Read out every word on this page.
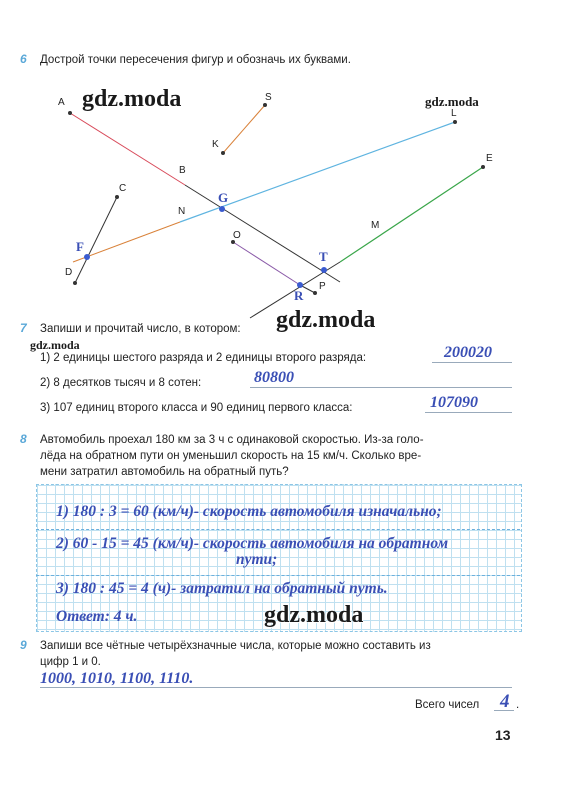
6 Дострой точки пересечения фигур и обозначь их буквами.
A	S
K
B
L
G
C
N
E
F
O
M
T
D
R
P
gdz.moda	gdz.moda
gdz.moda
gdz.moda
7 Запиши и прочитай число, в котором:
1) 2 единицы шестого разряда и 2 единицы второго разряда:	200020
2) 8 десятков тысяч и 8 сотен:	80800
3) 107 единиц второго класса и 90 единиц первого класса:	107090
8 Автомобиль проехал 180 км за 3 ч с одинаковой скоростью. Из-за голо-
лёда на обратном пути он уменьшил скорость на 15 км/ч. Сколько вре-
мени затратил автомобиль на обратный путь?
1) 180 : 3 = 60 (км/ч)- скорость автомобиля изначально;
2) 60 - 15 = 45 (км/ч)- скорость автомобиля на обратном
пути;
3) 180 : 45 = 4 (ч)- затратил на обратный путь.
Ответ: 4 ч.	gdz.moda
9 Запиши все чётные четырёхзначные числа, которые можно составить из
цифр 1 и 0.
1000, 1010, 1100, 1110.
Всего чисел 4 .
13
